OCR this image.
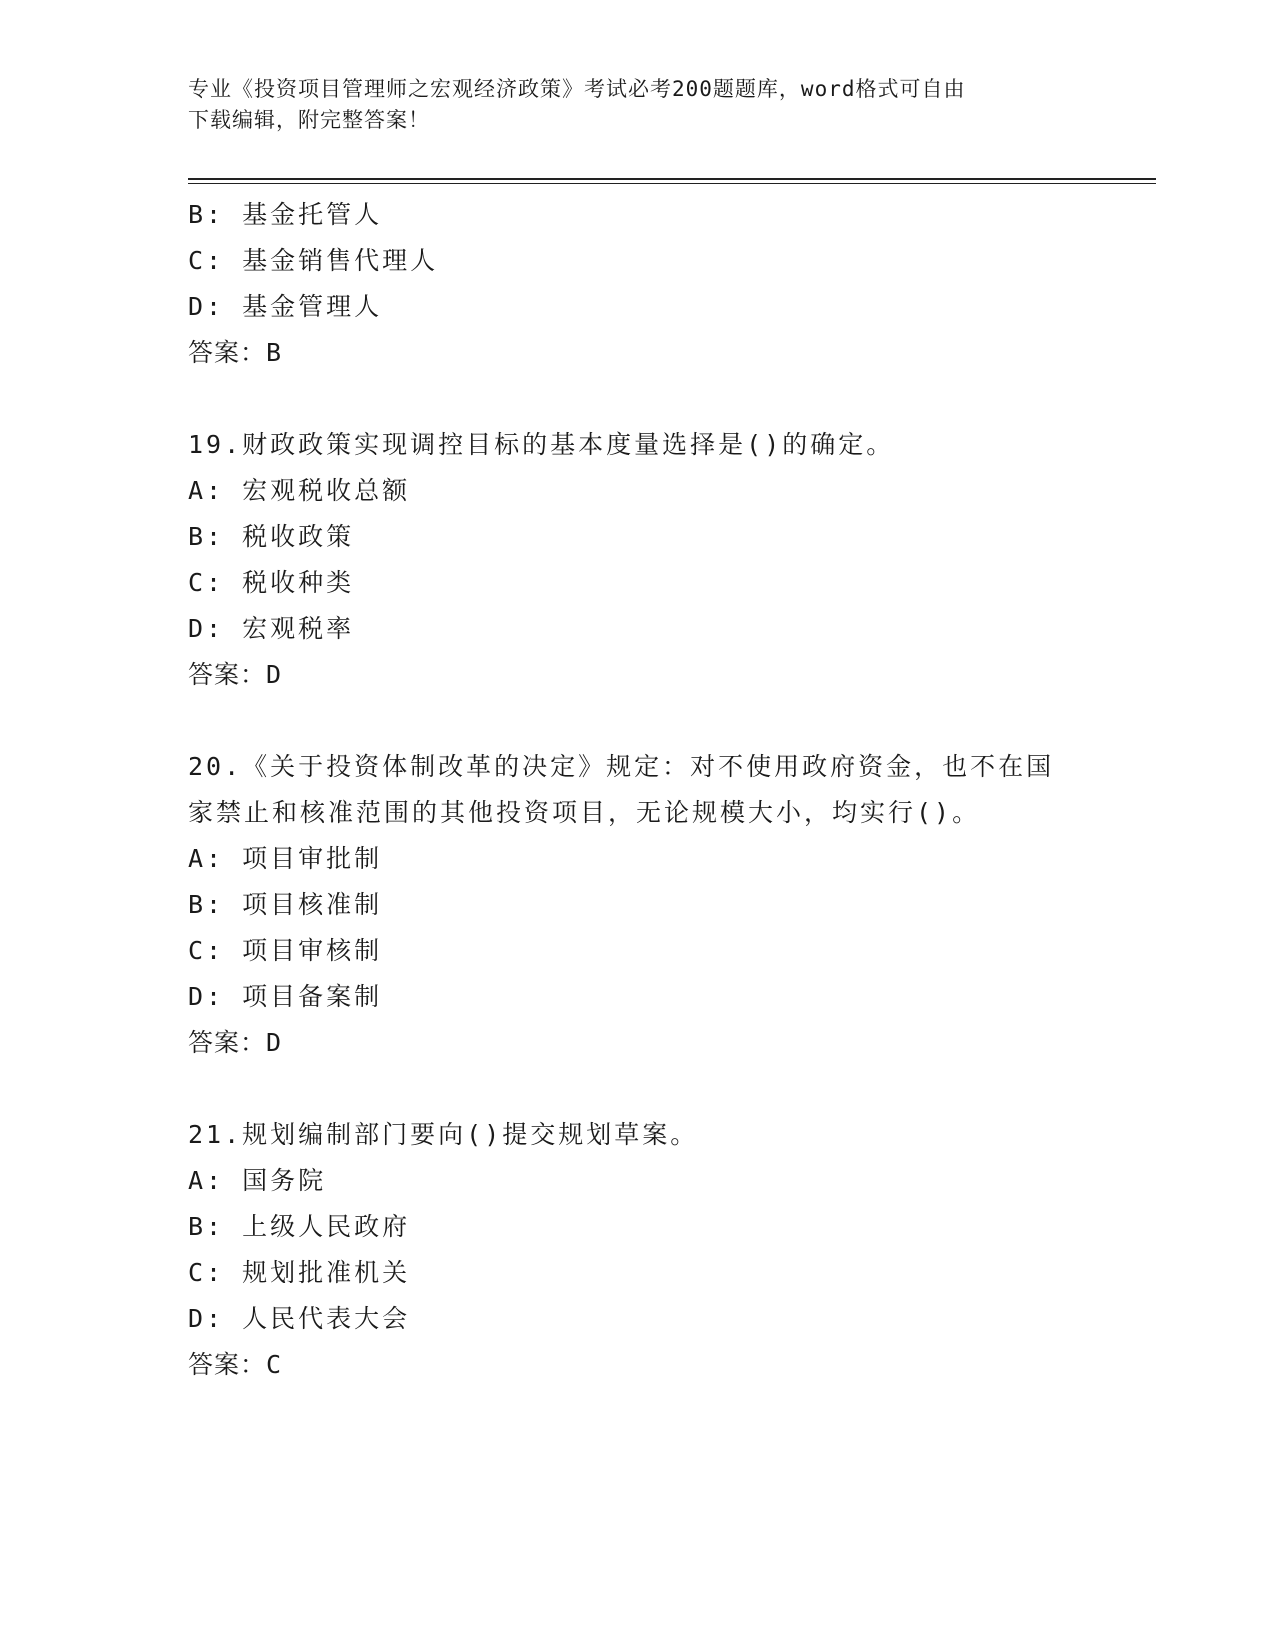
专业《投资项目管理师之宏观经济政策》考试必考200题题库，word格式可自由
下载编辑，附完整答案！
B: 基金托管人
C: 基金销售代理人
D: 基金管理人
答案：B
19.财政政策实现调控目标的基本度量选择是()的确定。
A: 宏观税收总额
B: 税收政策
C: 税收种类
D: 宏观税率
答案：D
20.《关于投资体制改革的决定》规定：对不使用政府资金，也不在国
家禁止和核准范围的其他投资项目，无论规模大小，均实行()。
A: 项目审批制
B: 项目核准制
C: 项目审核制
D: 项目备案制
答案：D
21.规划编制部门要向()提交规划草案。
A: 国务院
B: 上级人民政府
C: 规划批准机关
D: 人民代表大会
答案：C
